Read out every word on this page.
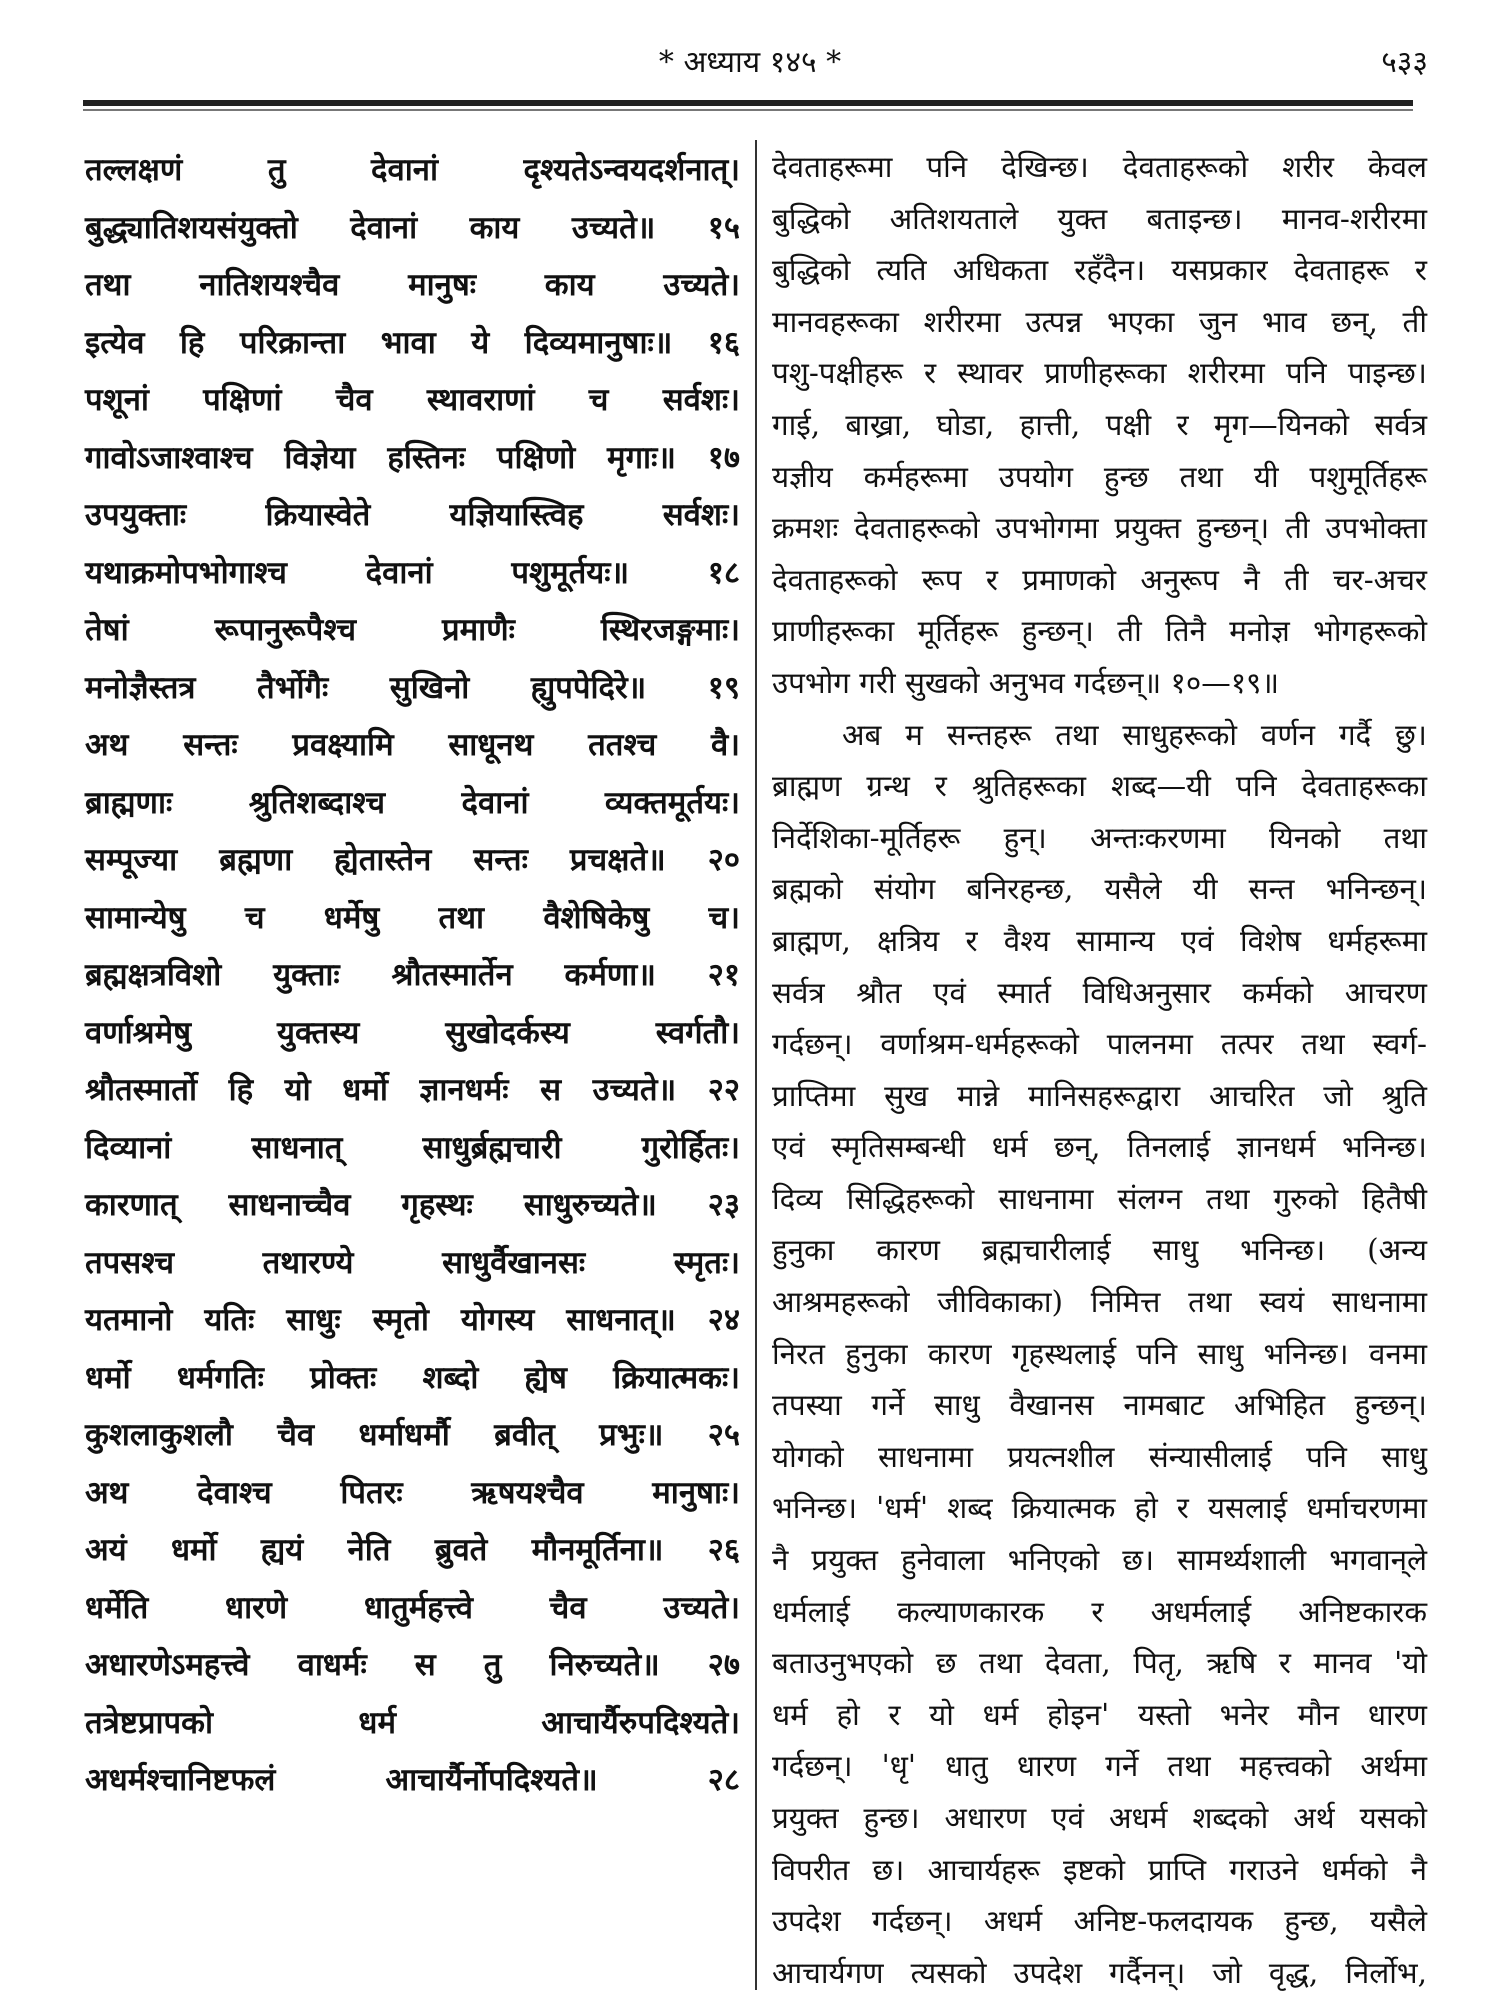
* अध्याय १४५ *	५३३
तल्लक्षणं तु देवानां दृश्यतेऽन्वयदर्शनात्।
बुद्ध्यातिशयसंयुक्तो देवानां काय उच्यते॥ १५
तथा नातिशयश्चैव मानुषः काय उच्यते।
इत्येव हि परिक्रान्ता भावा ये दिव्यमानुषाः॥ १६
पशूनां पक्षिणां चैव स्थावराणां च सर्वशः।
गावोऽजाश्वाश्च विज्ञेया हस्तिनः पक्षिणो मृगाः॥ १७
उपयुक्ताः क्रियास्वेते यज्ञियास्त्विह सर्वशः।
यथाक्रमोपभोगाश्च देवानां पशुमूर्तयः॥ १८
तेषां रूपानुरूपैश्च प्रमाणैः स्थिरजङ्गमाः।
मनोज्ञैस्तत्र तैर्भोगैः सुखिनो ह्युपपेदिरे॥ १९
अथ सन्तः प्रवक्ष्यामि साधूनथ ततश्च वै।
ब्राह्मणाः श्रुतिशब्दाश्च देवानां व्यक्तमूर्तयः।
सम्पूज्या ब्रह्मणा ह्येतास्तेन सन्तः प्रचक्षते॥ २०
सामान्येषु च धर्मेषु तथा वैशेषिकेषु च।
ब्रह्मक्षत्रविशो युक्ताः श्रौतस्मार्तेन कर्मणा॥ २१
वर्णाश्रमेषु युक्तस्य सुखोदर्कस्य स्वर्गतौ।
श्रौतस्मार्तो हि यो धर्मो ज्ञानधर्मः स उच्यते॥ २२
दिव्यानां साधनात् साधुर्ब्रह्मचारी गुरोर्हितः।
कारणात् साधनाच्चैव गृहस्थः साधुरुच्यते॥ २३
तपसश्च तथारण्ये साधुर्वैखानसः स्मृतः।
यतमानो यतिः साधुः स्मृतो योगस्य साधनात्॥ २४
धर्मो धर्मगतिः प्रोक्तः शब्दो ह्येष क्रियात्मकः।
कुशलाकुशलौ चैव धर्माधर्मौ ब्रवीत् प्रभुः॥ २५
अथ देवाश्च पितरः ऋषयश्चैव मानुषाः।
अयं धर्मो ह्ययं नेति ब्रुवते मौनमूर्तिना॥ २६
धर्मेति धारणे धातुर्महत्त्वे चैव उच्यते।
अधारणेऽमहत्त्वे वाधर्मः स तु निरुच्यते॥ २७
तत्रेष्टप्रापको धर्म आचार्यैरुपदिश्यते।
अधर्मश्चानिष्टफलं आचार्यैर्नोपदिश्यते॥ २८
देवताहरूमा पनि देखिन्छ। देवताहरूको शरीर केवल
बुद्धिको अतिशयताले युक्त बताइन्छ। मानव-शरीरमा
बुद्धिको त्यति अधिकता रहँदैन। यसप्रकार देवताहरू र
मानवहरूका शरीरमा उत्पन्न भएका जुन भाव छन्, ती
पशु-पक्षीहरू र स्थावर प्राणीहरूका शरीरमा पनि पाइन्छ।
गाई, बाख्रा, घोडा, हात्ती, पक्षी र मृग—यिनको सर्वत्र
यज्ञीय कर्महरूमा उपयोग हुन्छ तथा यी पशुमूर्तिहरू
क्रमशः देवताहरूको उपभोगमा प्रयुक्त हुन्छन्। ती उपभोक्ता
देवताहरूको रूप र प्रमाणको अनुरूप नै ती चर-अचर
प्राणीहरूका मूर्तिहरू हुन्छन्। ती तिनै मनोज्ञ भोगहरूको
उपभोग गरी सुखको अनुभव गर्दछन्॥ १०—१९॥
अब म सन्तहरू तथा साधुहरूको वर्णन गर्दै छु।
ब्राह्मण ग्रन्थ र श्रुतिहरूका शब्द—यी पनि देवताहरूका
निर्देशिका-मूर्तिहरू हुन्। अन्तःकरणमा यिनको तथा
ब्रह्मको संयोग बनिरहन्छ, यसैले यी सन्त भनिन्छन्।
ब्राह्मण, क्षत्रिय र वैश्य सामान्य एवं विशेष धर्महरूमा
सर्वत्र श्रौत एवं स्मार्त विधिअनुसार कर्मको आचरण
गर्दछन्। वर्णाश्रम-धर्महरूको पालनमा तत्पर तथा स्वर्ग-
प्राप्तिमा सुख मान्ने मानिसहरूद्वारा आचरित जो श्रुति
एवं स्मृतिसम्बन्धी धर्म छन्, तिनलाई ज्ञानधर्म भनिन्छ।
दिव्य सिद्धिहरूको साधनामा संलग्न तथा गुरुको हितैषी
हुनुका कारण ब्रह्मचारीलाई साधु भनिन्छ। (अन्य
आश्रमहरूको जीविकाका) निमित्त तथा स्वयं साधनामा
निरत हुनुका कारण गृहस्थलाई पनि साधु भनिन्छ। वनमा
तपस्या गर्ने साधु वैखानस नामबाट अभिहित हुन्छन्।
योगको साधनामा प्रयत्नशील संन्यासीलाई पनि साधु
भनिन्छ। 'धर्म' शब्द क्रियात्मक हो र यसलाई धर्माचरणमा
नै प्रयुक्त हुनेवाला भनिएको छ। सामर्थ्यशाली भगवान्‌ले
धर्मलाई कल्याणकारक र अधर्मलाई अनिष्टकारक
बताउनुभएको छ तथा देवता, पितृ, ऋषि र मानव 'यो
धर्म हो र यो धर्म होइन' यस्तो भनेर मौन धारण
गर्दछन्। 'धृ' धातु धारण गर्ने तथा महत्त्वको अर्थमा
प्रयुक्त हुन्छ। अधारण एवं अधर्म शब्दको अर्थ यसको
विपरीत छ। आचार्यहरू इष्टको प्राप्ति गराउने धर्मको नै
उपदेश गर्दछन्। अधर्म अनिष्ट-फलदायक हुन्छ, यसैले
आचार्यगण त्यसको उपदेश गर्दैनन्। जो वृद्ध, निर्लोभ,
